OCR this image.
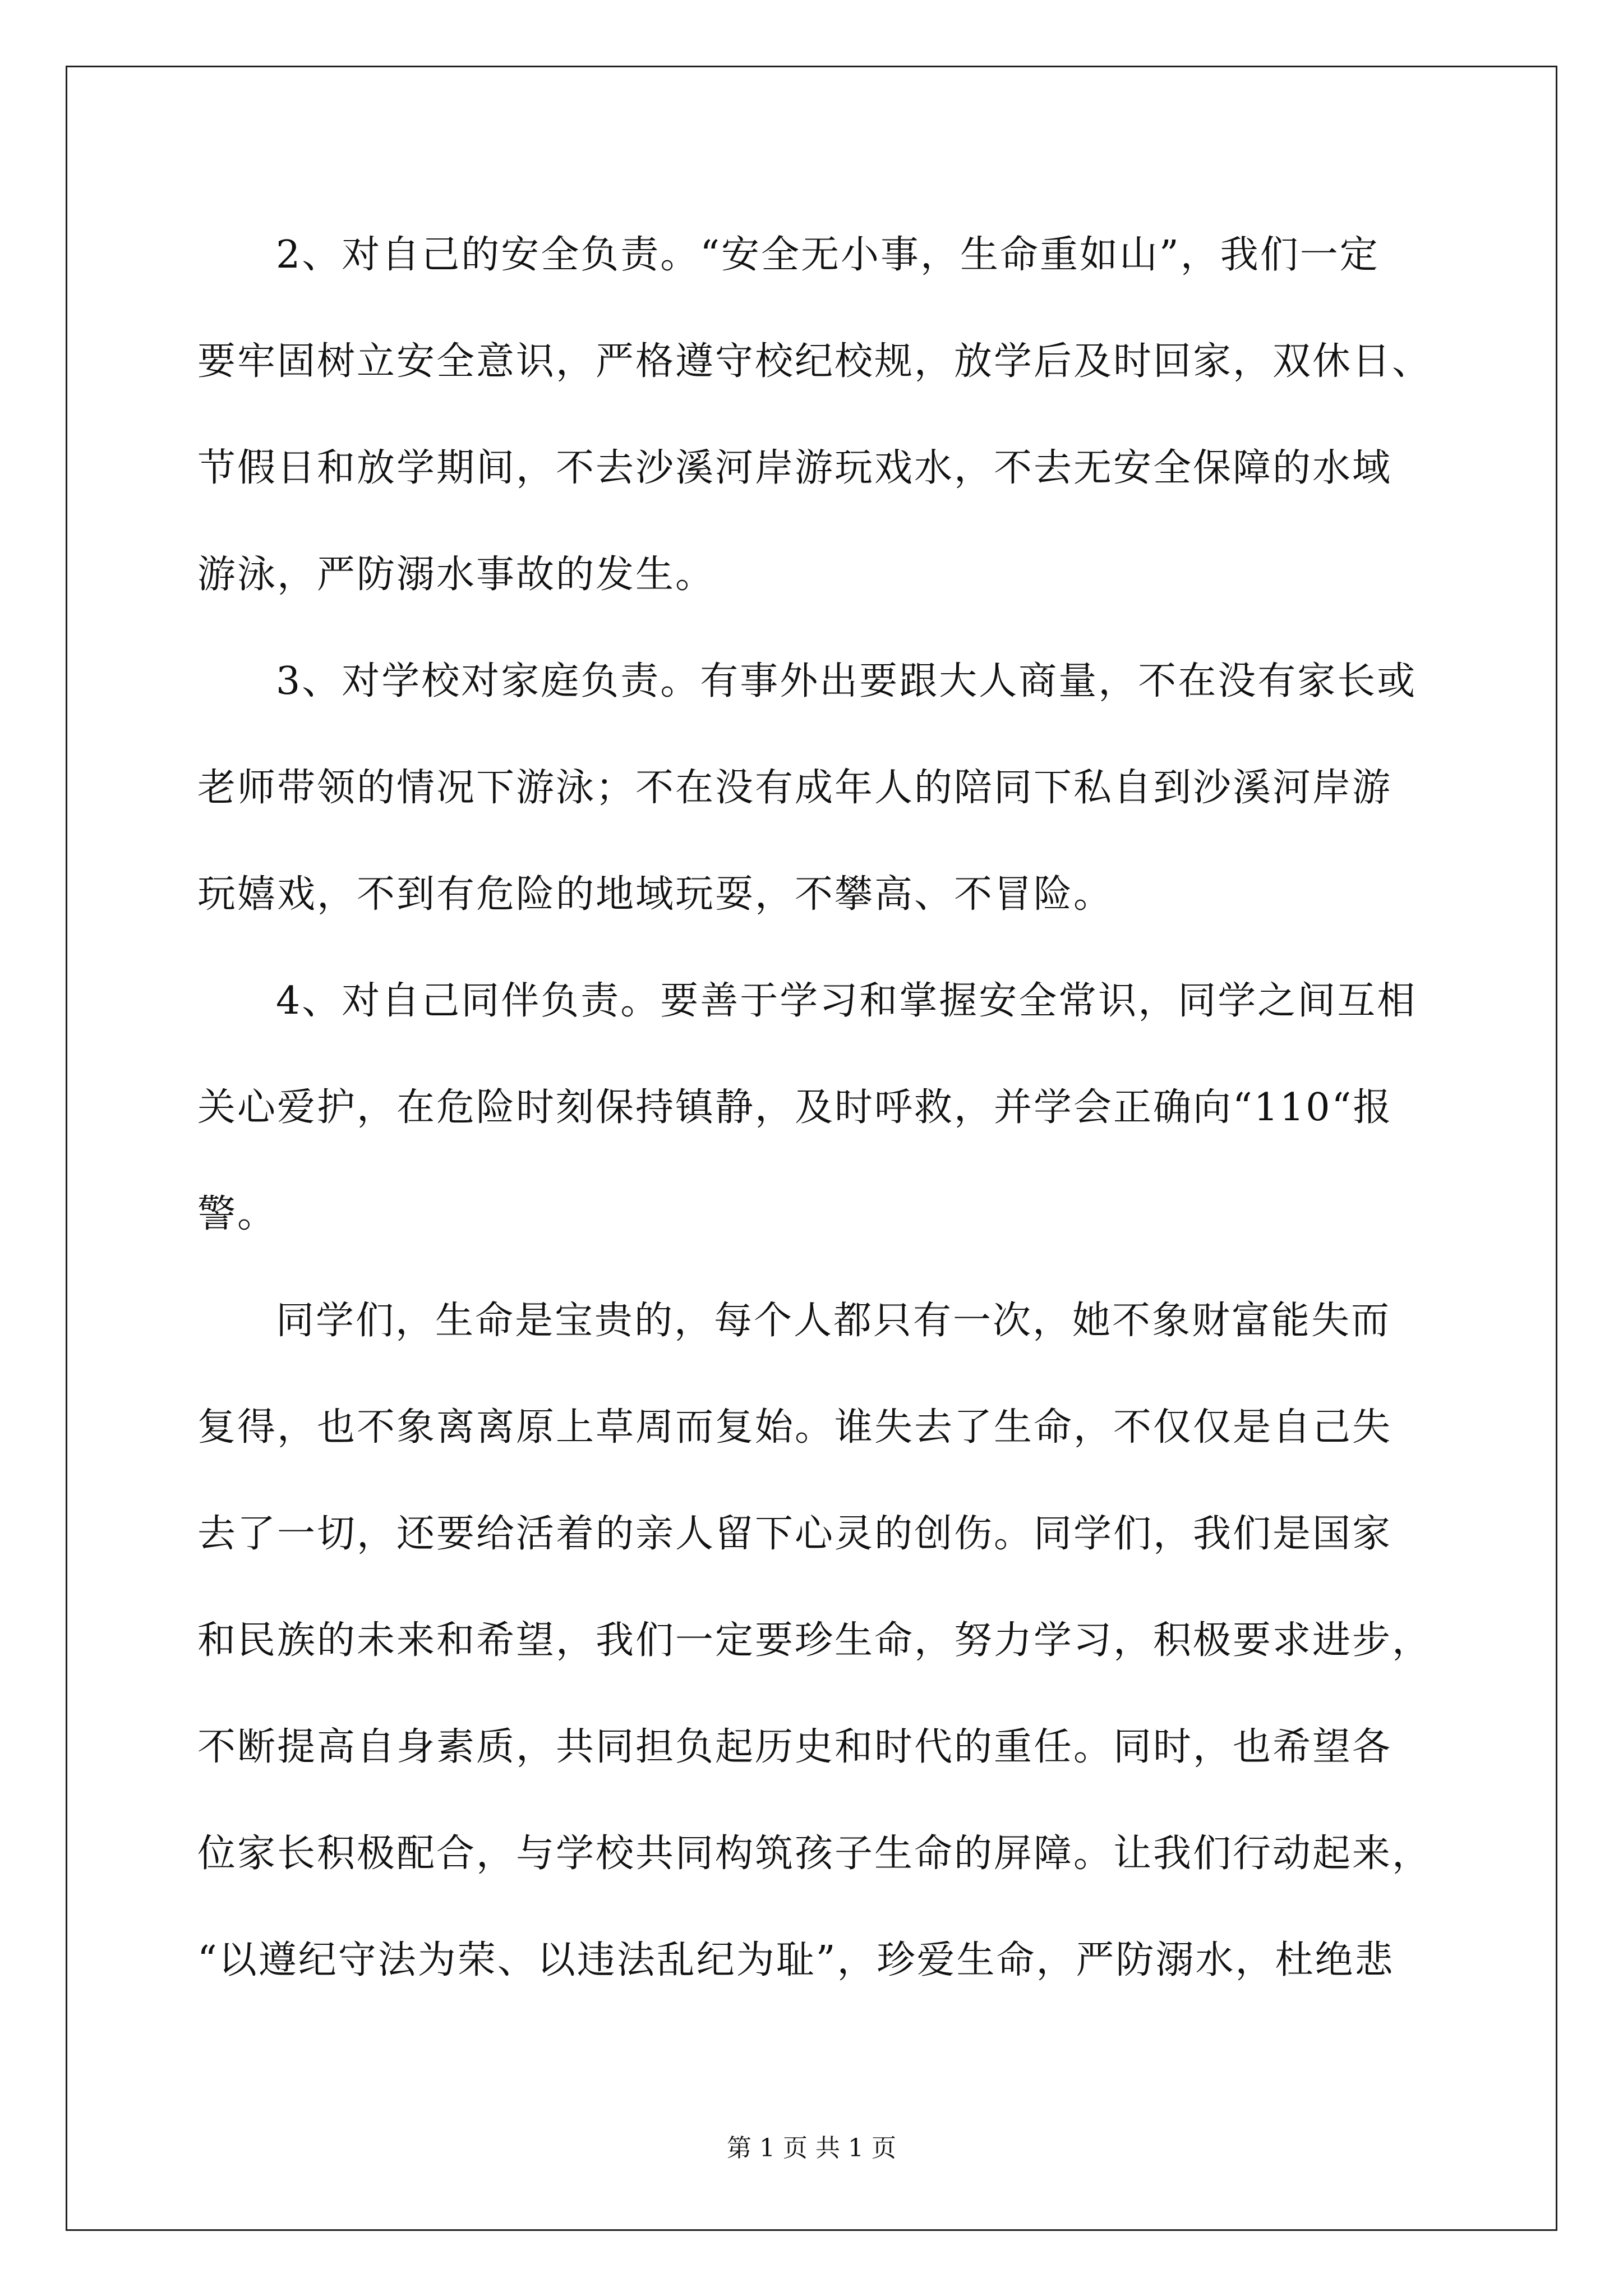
2、对自己的安全负责。“安全无小事，生命重如山”，我们一定
要牢固树立安全意识，严格遵守校纪校规，放学后及时回家，双休日、
节假日和放学期间，不去沙溪河岸游玩戏水，不去无安全保障的水域
游泳，严防溺水事故的发生。
3、对学校对家庭负责。有事外出要跟大人商量，不在没有家长或
老师带领的情况下游泳；不在没有成年人的陪同下私自到沙溪河岸游
玩嬉戏，不到有危险的地域玩耍，不攀高、不冒险。
4、对自己同伴负责。要善于学习和掌握安全常识，同学之间互相
关心爱护，在危险时刻保持镇静，及时呼救，并学会正确向“110“报
警。
同学们，生命是宝贵的，每个人都只有一次，她不象财富能失而
复得，也不象离离原上草周而复始。谁失去了生命，不仅仅是自己失
去了一切，还要给活着的亲人留下心灵的创伤。同学们，我们是国家
和民族的未来和希望，我们一定要珍生命，努力学习，积极要求进步，
不断提高自身素质，共同担负起历史和时代的重任。同时，也希望各
位家长积极配合，与学校共同构筑孩子生命的屏障。让我们行动起来，
“以遵纪守法为荣、以违法乱纪为耻”，珍爱生命，严防溺水，杜绝悲
第 1 页 共 1 页
